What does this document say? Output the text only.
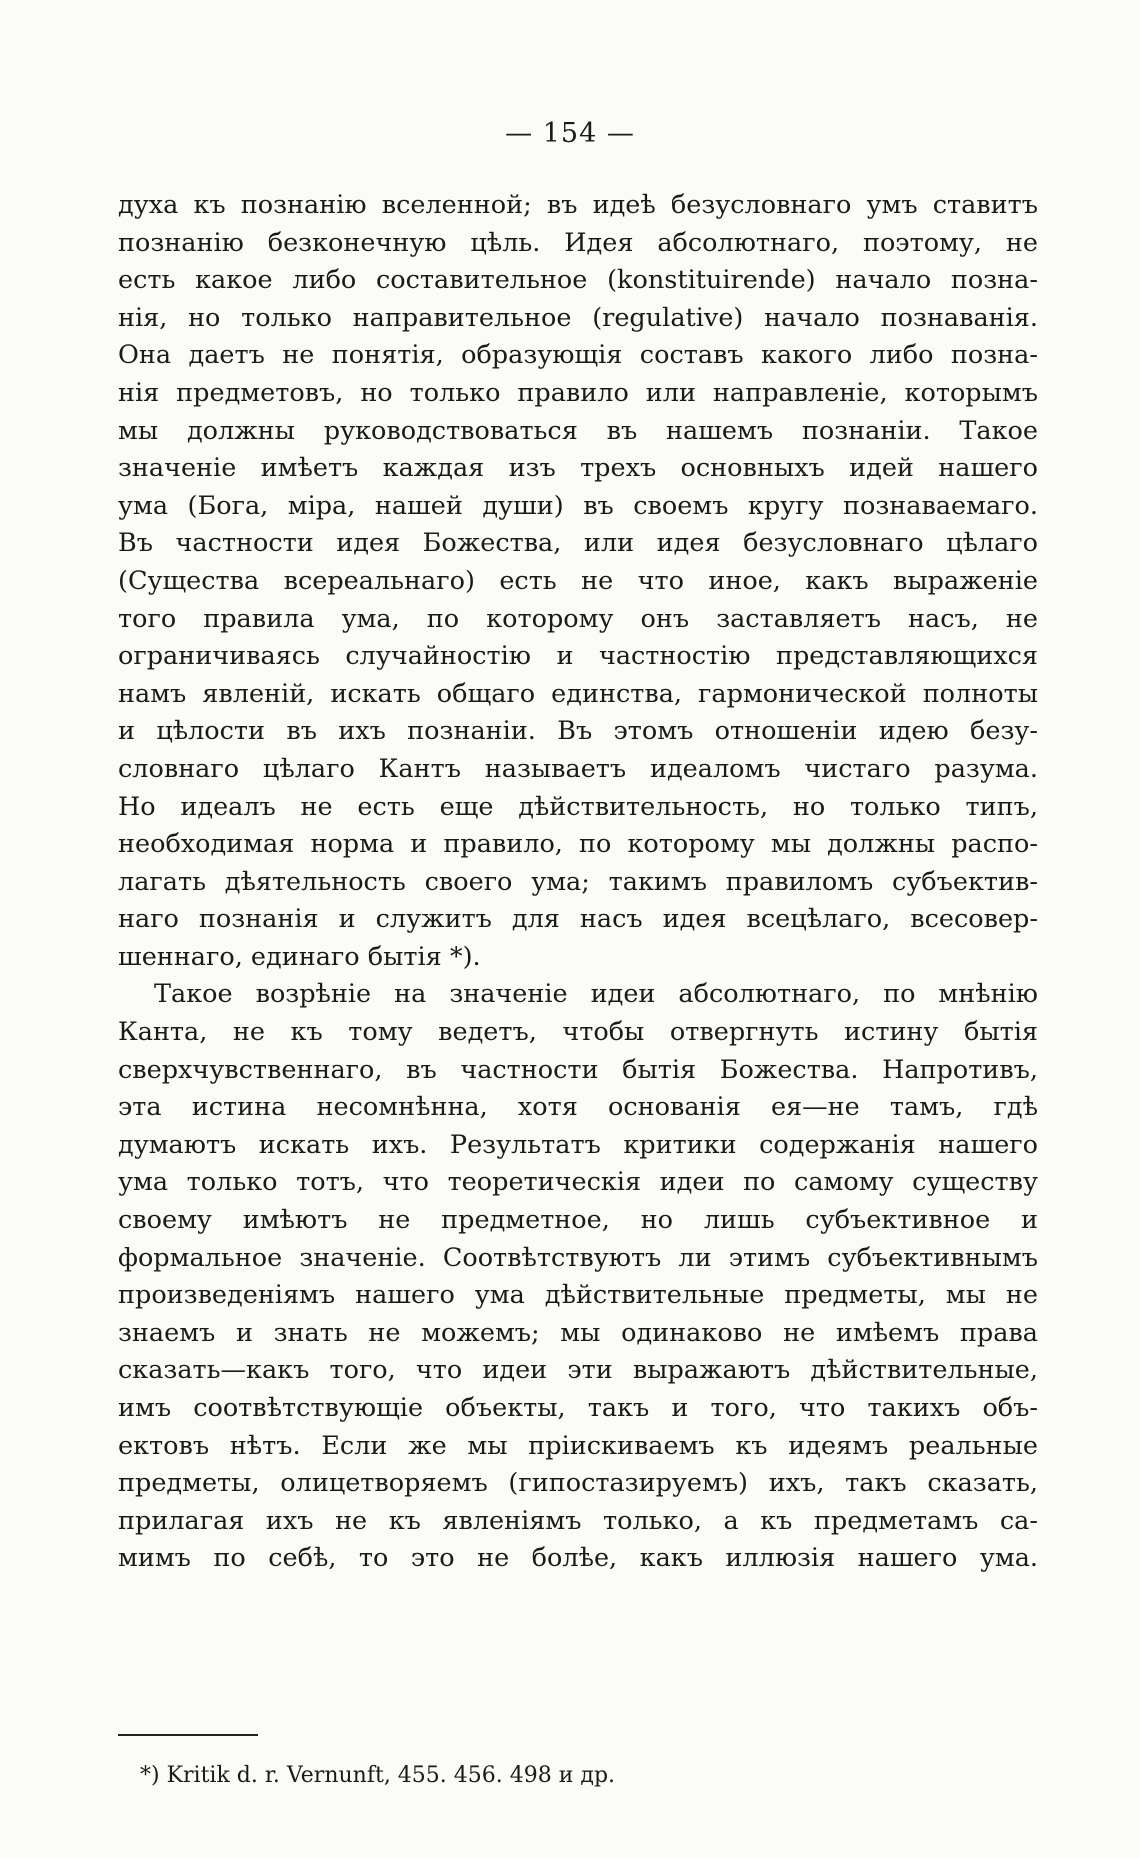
— 154 —
духа къ познанію вселенной; въ идеѣ безусловнаго умъ ставитъ
познанію безконечную цѣль. Идея абсолютнаго, поэтому, не
есть какое либо составительное (konstituirende) начало позна-
нія, но только направительное (regulative) начало познаванія.
Она даетъ не понятія, образующія составъ какого либо позна-
нія предметовъ, но только правило или направленіе, которымъ
мы должны руководствоваться въ нашемъ познаніи. Такое
значеніе имѣетъ каждая изъ трехъ основныхъ идей нашего
ума (Бога, міра, нашей души) въ своемъ кругу познаваемаго.
Въ частности идея Божества, или идея безусловнаго цѣлаго
(Существа всереальнаго) есть не что иное, какъ выраженіе
того правила ума, по которому онъ заставляетъ насъ, не
ограничиваясь случайностію и частностію представляющихся
намъ явленій, искать общаго единства, гармонической полноты
и цѣлости въ ихъ познаніи. Въ этомъ отношеніи идею безу-
словнаго цѣлаго Кантъ называетъ идеаломъ чистаго разума.
Но идеалъ не есть еще дѣйствительность, но только типъ,
необходимая норма и правило, по которому мы должны распо-
лагать дѣятельность своего ума; такимъ правиломъ субъектив-
наго познанія и служитъ для насъ идея всецѣлаго, всесовер-
шеннаго, единаго бытія *).
Такое возрѣніе на значеніе идеи абсолютнаго, по мнѣнію
Канта, не къ тому ведетъ, чтобы отвергнуть истину бытія
сверхчувственнаго, въ частности бытія Божества. Напротивъ,
эта истина несомнѣнна, хотя основанія ея—не тамъ, гдѣ
думаютъ искать ихъ. Результатъ критики содержанія нашего
ума только тотъ, что теоретическія идеи по самому существу
своему имѣютъ не предметное, но лишь субъективное и
формальное значеніе. Соотвѣтствуютъ ли этимъ субъективнымъ
произведеніямъ нашего ума дѣйствительные предметы, мы не
знаемъ и знать не можемъ; мы одинаково не имѣемъ права
сказать—какъ того, что идеи эти выражаютъ дѣйствительные,
имъ соотвѣтствующіе объекты, такъ и того, что такихъ объ-
ектовъ нѣтъ. Если же мы пріискиваемъ къ идеямъ реальные
предметы, олицетворяемъ (гипостазируемъ) ихъ, такъ сказать,
прилагая ихъ не къ явленіямъ только, а къ предметамъ са-
мимъ по себѣ, то это не болѣе, какъ иллюзія нашего ума.
*) Kritik d. r. Vernunft, 455. 456. 498 и др.
